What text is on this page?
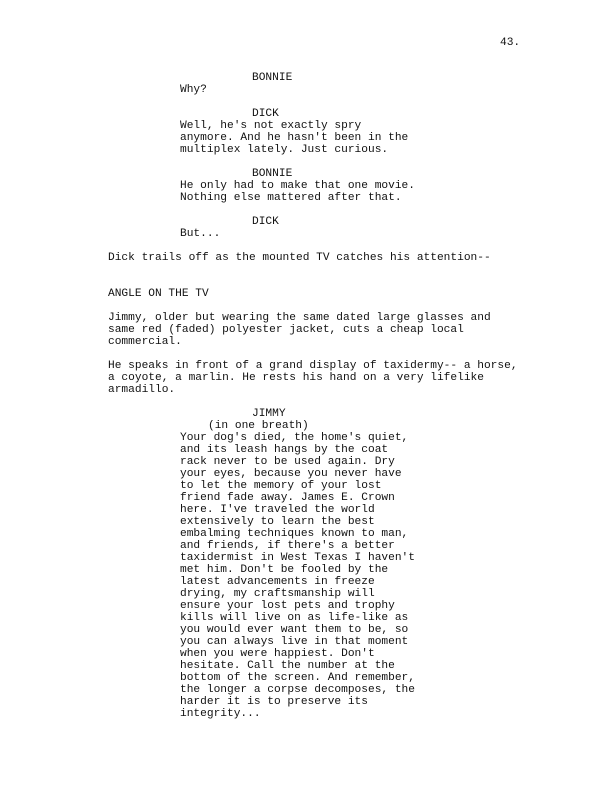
43.
BONNIE
Why?
DICK
Well, he's not exactly spry
anymore. And he hasn't been in the
multiplex lately. Just curious.
BONNIE
He only had to make that one movie.
Nothing else mattered after that.
DICK
But...
Dick trails off as the mounted TV catches his attention--
ANGLE ON THE TV
Jimmy, older but wearing the same dated large glasses and
same red (faded) polyester jacket, cuts a cheap local
commercial.
He speaks in front of a grand display of taxidermy-- a horse,
a coyote, a marlin. He rests his hand on a very lifelike
armadillo.
JIMMY
(in one breath)
Your dog's died, the home's quiet,
and its leash hangs by the coat
rack never to be used again. Dry
your eyes, because you never have
to let the memory of your lost
friend fade away. James E. Crown
here. I've traveled the world
extensively to learn the best
embalming techniques known to man,
and friends, if there's a better
taxidermist in West Texas I haven't
met him. Don't be fooled by the
latest advancements in freeze
drying, my craftsmanship will
ensure your lost pets and trophy
kills will live on as life-like as
you would ever want them to be, so
you can always live in that moment
when you were happiest. Don't
hesitate. Call the number at the
bottom of the screen. And remember,
the longer a corpse decomposes, the
harder it is to preserve its
integrity...
